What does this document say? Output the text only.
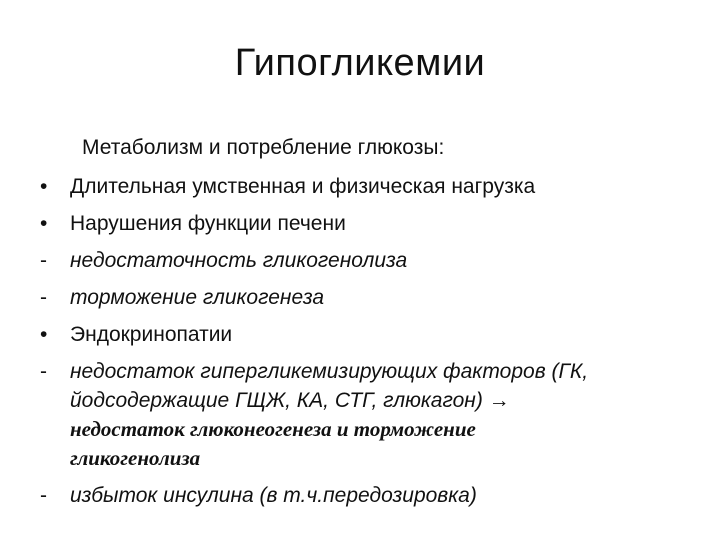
Гипогликемии
Метаболизм и потребление глюкозы:
•	Длительная умственная и физическая нагрузка
•	Нарушения функции печени
-	недостаточность гликогенолиза
-	торможение гликогенеза
•	Эндокринопатии
-	недостаток гипергликемизирующих факторов (ГК,
йодсодержащие ГЩЖ, КА, СТГ, глюкагон) →
недостаток глюконеогенеза и торможение
гликогенолиза
-	избыток инсулина (в т.ч.передозировка)
